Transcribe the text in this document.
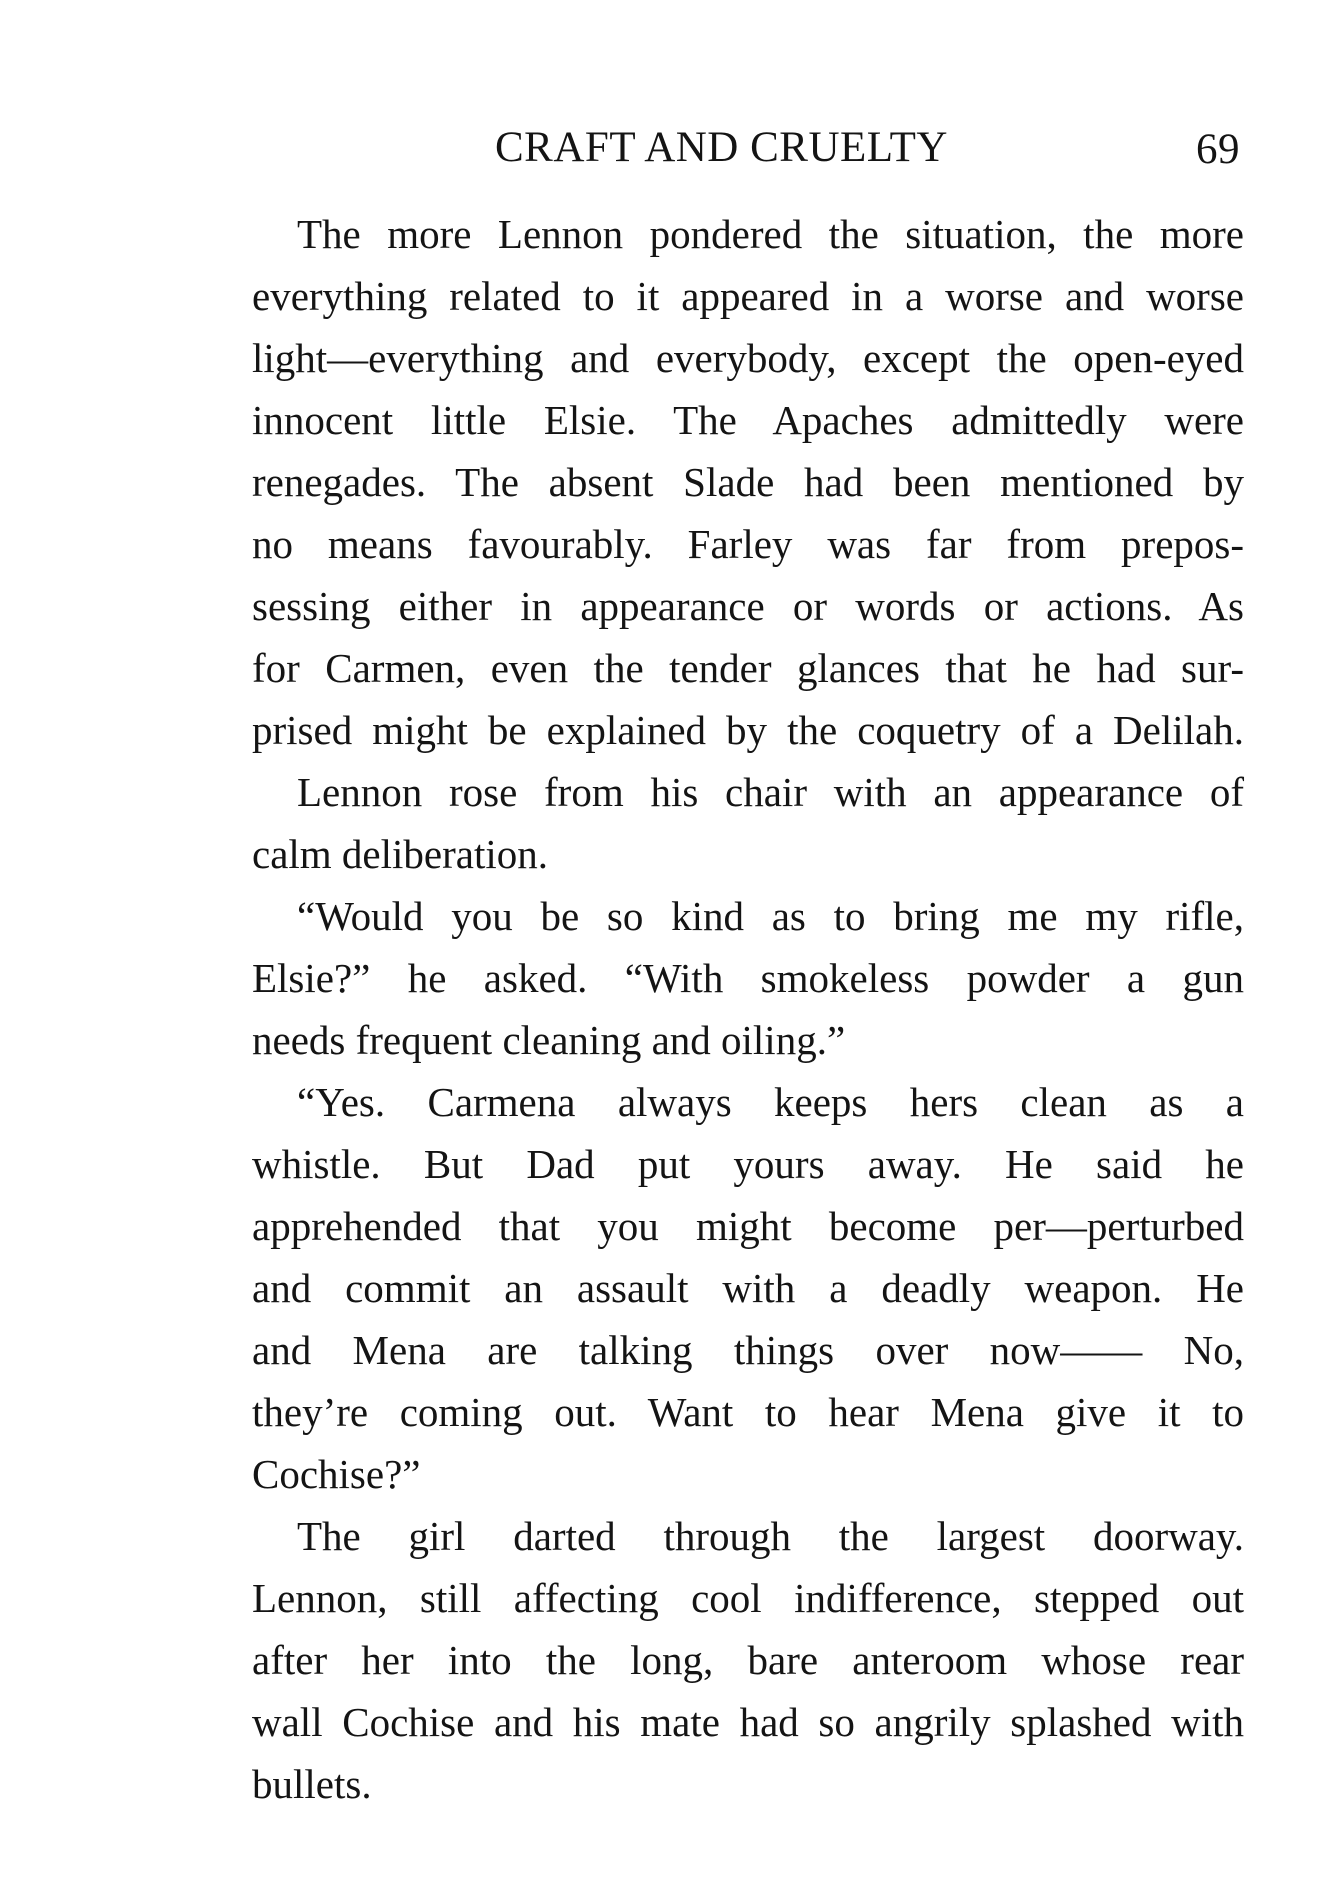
CRAFT AND CRUELTY	69
The more Lennon pondered the situation, the more
everything related to it appeared in a worse and worse
light—everything and everybody, except the open-eyed
innocent little Elsie. The Apaches admittedly were
renegades. The absent Slade had been mentioned by
no means favourably. Farley was far from prepos-
sessing either in appearance or words or actions. As
for Carmen, even the tender glances that he had sur-
prised might be explained by the coquetry of a Delilah.
Lennon rose from his chair with an appearance of
calm deliberation.
“Would you be so kind as to bring me my rifle,
Elsie?” he asked. “With smokeless powder a gun
needs frequent cleaning and oiling.”
“Yes. Carmena always keeps hers clean as a
whistle. But Dad put yours away. He said he
apprehended that you might become per—perturbed
and commit an assault with a deadly weapon. He
and Mena are talking things over now—— No,
they’re coming out. Want to hear Mena give it to
Cochise?”
The girl darted through the largest doorway.
Lennon, still affecting cool indifference, stepped out
after her into the long, bare anteroom whose rear
wall Cochise and his mate had so angrily splashed with
bullets.
